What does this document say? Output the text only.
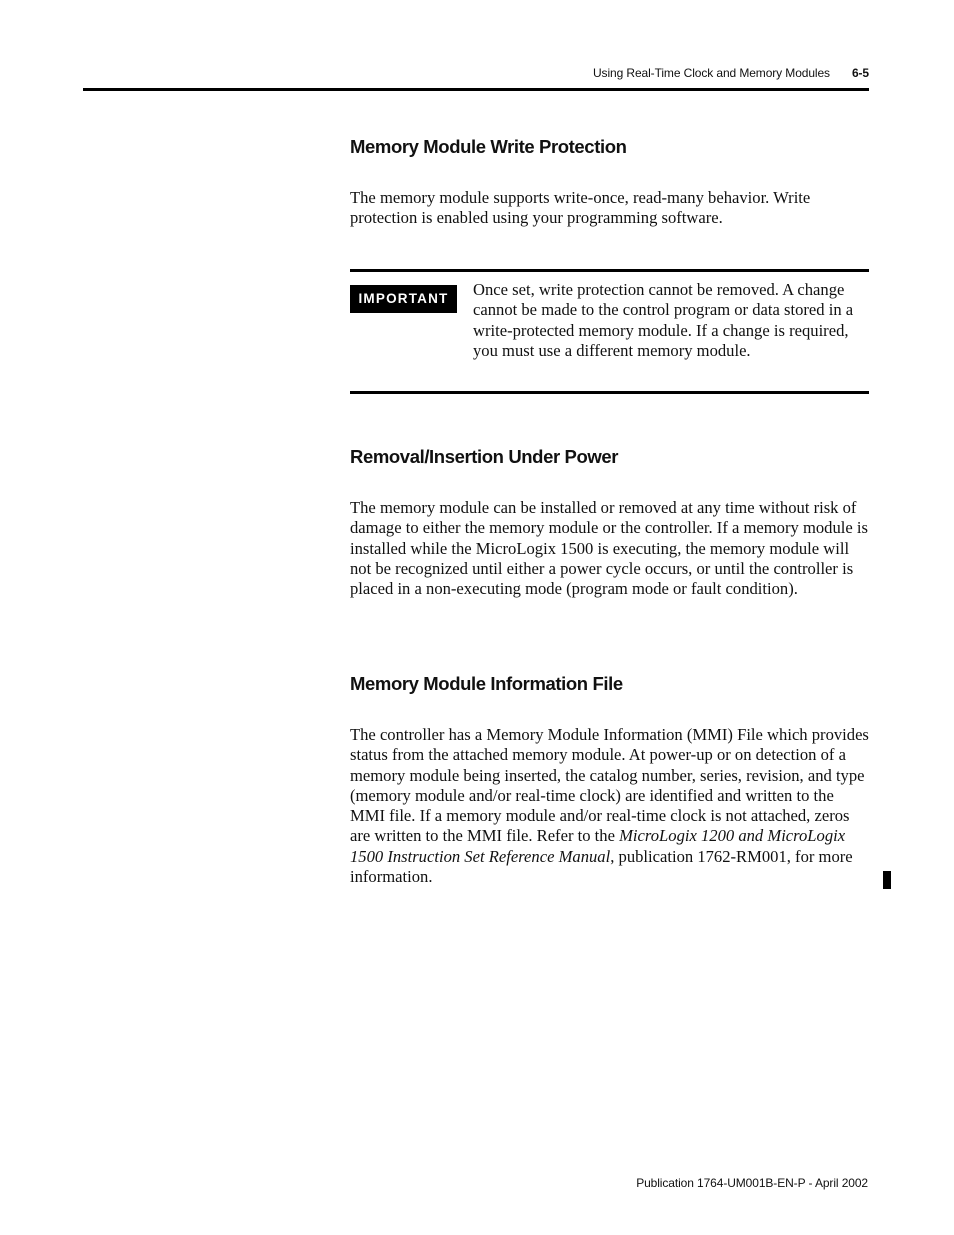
Using Real-Time Clock and Memory Modules 6-5
Memory Module Write Protection

The memory module supports write-once, read-many behavior. Write protection is enabled using your programming software.

IMPORTANT	Once set, write protection cannot be removed. A change cannot be made to the control program or data stored in a write-protected memory module. If a change is required, you must use a different memory module.

Removal/Insertion Under Power

The memory module can be installed or removed at any time without risk of damage to either the memory module or the controller. If a memory module is installed while the MicroLogix 1500 is executing, the memory module will not be recognized until either a power cycle occurs, or until the controller is placed in a non-executing mode (program mode or fault condition).

Memory Module Information File

The controller has a Memory Module Information (MMI) File which provides status from the attached memory module. At power-up or on detection of a memory module being inserted, the catalog number, series, revision, and type (memory module and/or real-time clock) are identified and written to the MMI file. If a memory module and/or real-time clock is not attached, zeros are written to the MMI file. Refer to the MicroLogix 1200 and MicroLogix 1500 Instruction Set Reference Manual, publication 1762-RM001, for more information.

Publication 1764-UM001B-EN-P - April 2002
